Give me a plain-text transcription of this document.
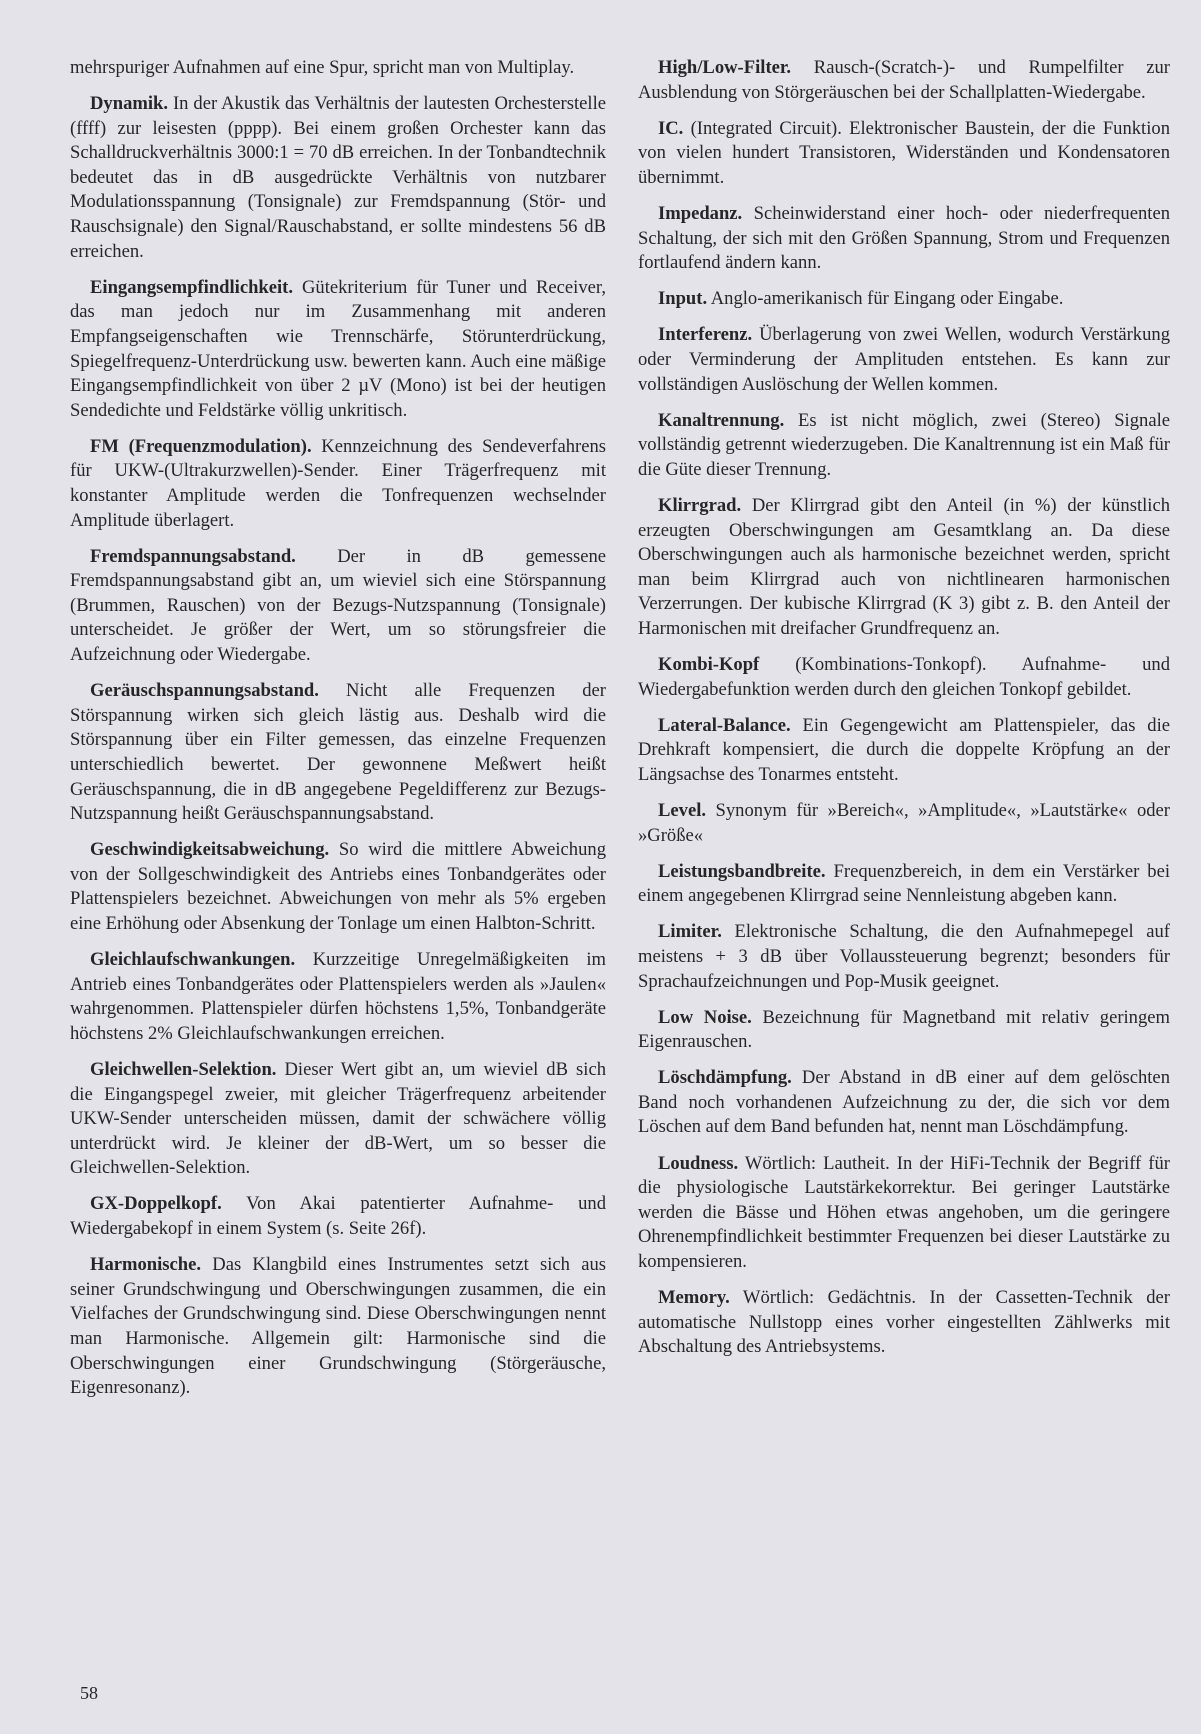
mehrspuriger Aufnahmen auf eine Spur, spricht man von Multiplay.

Dynamik. In der Akustik das Verhältnis der lautesten Orchesterstelle (ffff) zur leisesten (pppp). Bei einem großen Orchester kann das Schalldruckverhältnis 3000:1 = 70 dB erreichen. In der Tonbandtechnik bedeutet das in dB ausgedrückte Verhältnis von nutzbarer Modulationsspannung (Tonsignale) zur Fremdspannung (Stör- und Rauschsignale) den Signal/Rauschabstand, er sollte mindestens 56 dB erreichen.

Eingangsempfindlichkeit. Gütekriterium für Tuner und Receiver, das man jedoch nur im Zusammenhang mit anderen Empfangseigenschaften wie Trennschärfe, Störunterdrückung, Spiegelfrequenz-Unterdrückung usw. bewerten kann. Auch eine mäßige Eingangsempfindlichkeit von über 2 µV (Mono) ist bei der heutigen Sendedichte und Feldstärke völlig unkritisch.

FM (Frequenzmodulation). Kennzeichnung des Sendeverfahrens für UKW-(Ultrakurzwellen)-Sender. Einer Trägerfrequenz mit konstanter Amplitude werden die Tonfrequenzen wechselnder Amplitude überlagert.

Fremdspannungsabstand. Der in dB gemessene Fremdspannungsabstand gibt an, um wieviel sich eine Störspannung (Brummen, Rauschen) von der Bezugs-Nutzspannung (Tonsignale) unterscheidet. Je größer der Wert, um so störungsfreier die Aufzeichnung oder Wiedergabe.

Geräuschspannungsabstand. Nicht alle Frequenzen der Störspannung wirken sich gleich lästig aus. Deshalb wird die Störspannung über ein Filter gemessen, das einzelne Frequenzen unterschiedlich bewertet. Der gewonnene Meßwert heißt Geräuschspannung, die in dB angegebene Pegeldifferenz zur Bezugs-Nutzspannung heißt Geräuschspannungsabstand.

Geschwindigkeitsabweichung. So wird die mittlere Abweichung von der Sollgeschwindigkeit des Antriebs eines Tonbandgerätes oder Plattenspielers bezeichnet. Abweichungen von mehr als 5% ergeben eine Erhöhung oder Absenkung der Tonlage um einen Halbton-Schritt.

Gleichlaufschwankungen. Kurzzeitige Unregelmäßigkeiten im Antrieb eines Tonbandgerätes oder Plattenspielers werden als »Jaulen« wahrgenommen. Plattenspieler dürfen höchstens 1,5%, Tonbandgeräte höchstens 2% Gleichlaufschwankungen erreichen.

Gleichwellen-Selektion. Dieser Wert gibt an, um wieviel dB sich die Eingangspegel zweier, mit gleicher Trägerfrequenz arbeitender UKW-Sender unterscheiden müssen, damit der schwächere völlig unterdrückt wird. Je kleiner der dB-Wert, um so besser die Gleichwellen-Selektion.

GX-Doppelkopf. Von Akai patentierter Aufnahme- und Wiedergabekopf in einem System (s. Seite 26f).

Harmonische. Das Klangbild eines Instrumentes setzt sich aus seiner Grundschwingung und Oberschwingungen zusammen, die ein Vielfaches der Grundschwingung sind. Diese Oberschwingungen nennt man Harmonische. Allgemein gilt: Harmonische sind die Oberschwingungen einer Grundschwingung (Störgeräusche, Eigenresonanz).

High/Low-Filter. Rausch-(Scratch-)- und Rumpelfilter zur Ausblendung von Störgeräuschen bei der Schallplatten-Wiedergabe.

IC. (Integrated Circuit). Elektronischer Baustein, der die Funktion von vielen hundert Transistoren, Widerständen und Kondensatoren übernimmt.

Impedanz. Scheinwiderstand einer hoch- oder niederfrequenten Schaltung, der sich mit den Größen Spannung, Strom und Frequenzen fortlaufend ändern kann.

Input. Anglo-amerikanisch für Eingang oder Eingabe.

Interferenz. Überlagerung von zwei Wellen, wodurch Verstärkung oder Verminderung der Amplituden entstehen. Es kann zur vollständigen Auslöschung der Wellen kommen.

Kanaltrennung. Es ist nicht möglich, zwei (Stereo) Signale vollständig getrennt wiederzugeben. Die Kanaltrennung ist ein Maß für die Güte dieser Trennung.

Klirrgrad. Der Klirrgrad gibt den Anteil (in %) der künstlich erzeugten Oberschwingungen am Gesamtklang an. Da diese Oberschwingungen auch als harmonische bezeichnet werden, spricht man beim Klirrgrad auch von nichtlinearen harmonischen Verzerrungen. Der kubische Klirrgrad (K 3) gibt z. B. den Anteil der Harmonischen mit dreifacher Grundfrequenz an.

Kombi-Kopf (Kombinations-Tonkopf). Aufnahme- und Wiedergabefunktion werden durch den gleichen Tonkopf gebildet.

Lateral-Balance. Ein Gegengewicht am Plattenspieler, das die Drehkraft kompensiert, die durch die doppelte Kröpfung an der Längsachse des Tonarmes entsteht.

Level. Synonym für »Bereich«, »Amplitude«, »Lautstärke« oder »Größe«

Leistungsbandbreite. Frequenzbereich, in dem ein Verstärker bei einem angegebenen Klirrgrad seine Nennleistung abgeben kann.

Limiter. Elektronische Schaltung, die den Aufnahmepegel auf meistens + 3 dB über Vollaussteuerung begrenzt; besonders für Sprachaufzeichnungen und Pop-Musik geeignet.

Low Noise. Bezeichnung für Magnetband mit relativ geringem Eigenrauschen.

Löschdämpfung. Der Abstand in dB einer auf dem gelöschten Band noch vorhandenen Aufzeichnung zu der, die sich vor dem Löschen auf dem Band befunden hat, nennt man Löschdämpfung.

Loudness. Wörtlich: Lautheit. In der HiFi-Technik der Begriff für die physiologische Lautstärkekorrektur. Bei geringer Lautstärke werden die Bässe und Höhen etwas angehoben, um die geringere Ohrenempfindlichkeit bestimmter Frequenzen bei dieser Lautstärke zu kompensieren.

Memory. Wörtlich: Gedächtnis. In der Cassetten-Technik der automatische Nullstopp eines vorher eingestellten Zählwerks mit Abschaltung des Antriebsystems.

58
